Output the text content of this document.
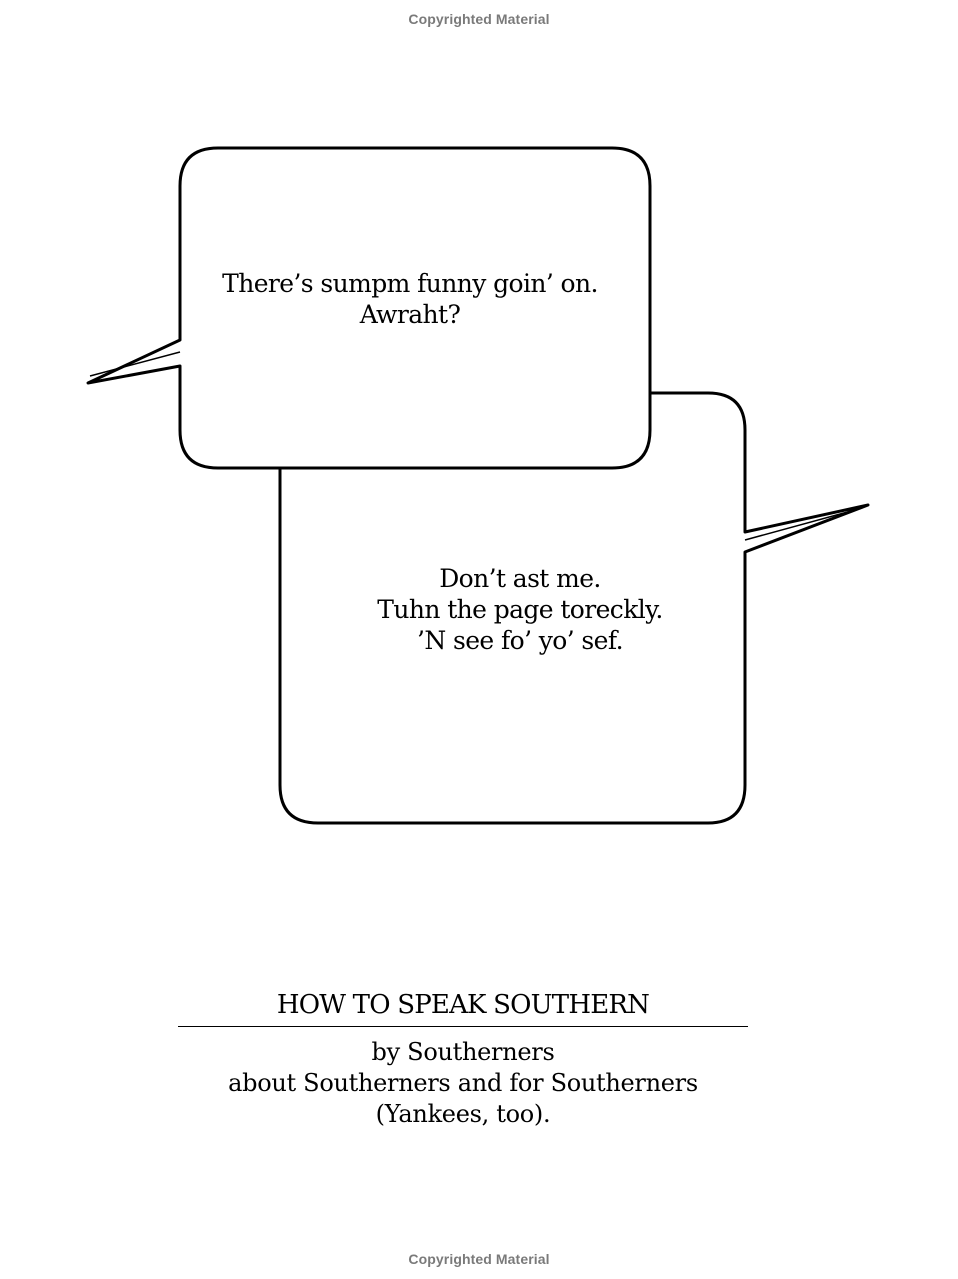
Copyrighted Material
There’s sumpm funny goin’ on.
Awraht?
Don’t ast me.
Tuhn the page toreckly.
’N see fo’ yo’ sef.
HOW TO SPEAK SOUTHERN
by Southerners
about Southerners and for Southerners
(Yankees, too).
Copyrighted Material
